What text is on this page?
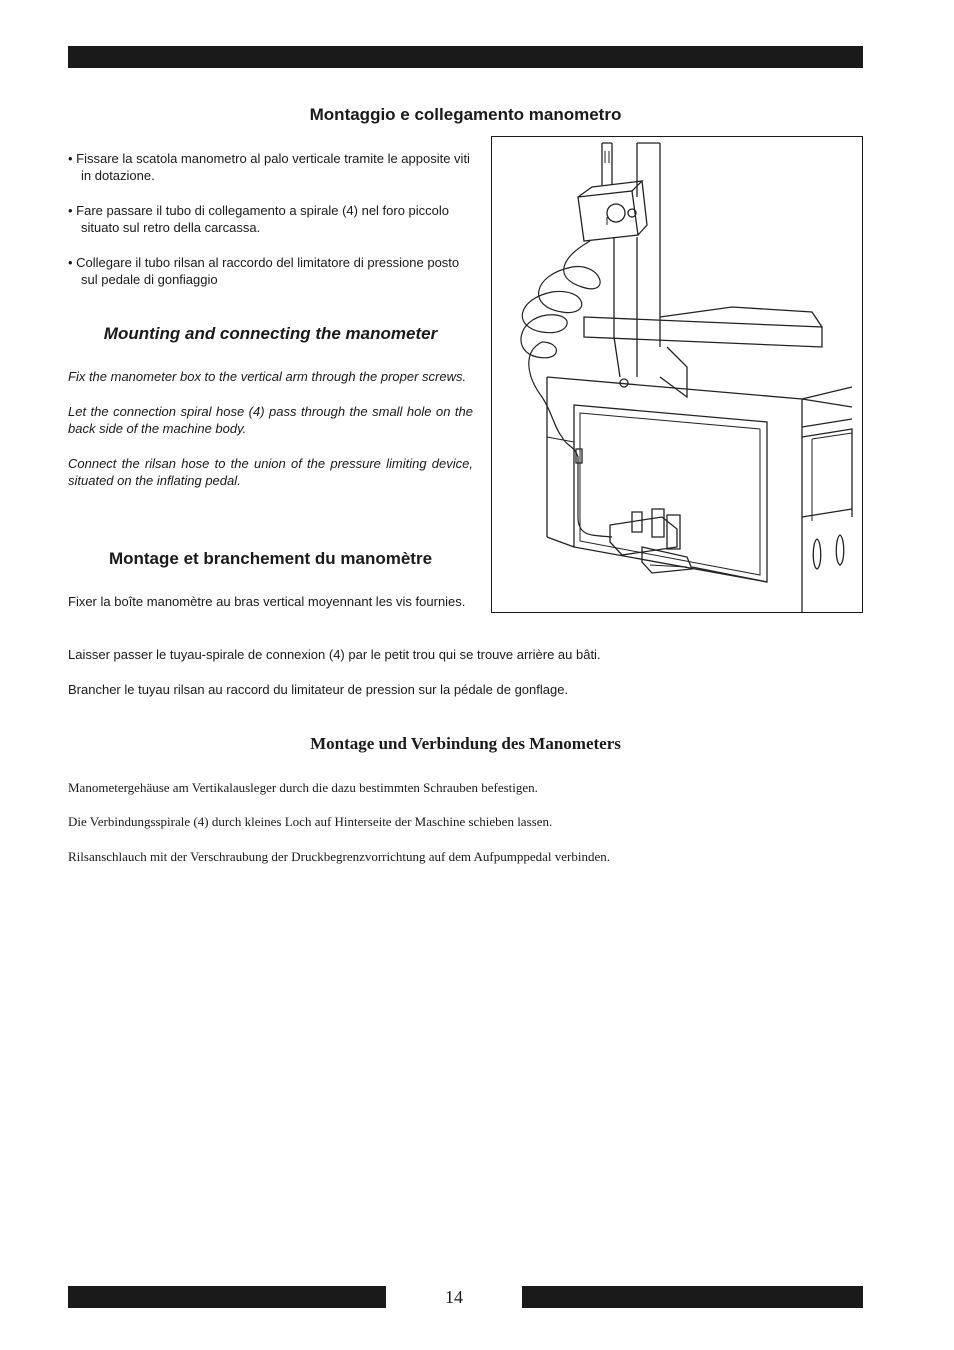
Montaggio e collegamento manometro

• Fissare la scatola manometro al palo verticale tramite le apposite viti in dotazione.

• Fare passare il tubo di collegamento a spirale (4) nel foro piccolo situato sul retro della carcassa.

• Collegare il tubo rilsan al raccordo del limitatore di pressione posto sul pedale di gonfiaggio

Mounting and connecting the manometer

Fix the manometer box to the vertical arm through the proper screws.

Let the connection spiral hose (4) pass through the small hole on the back side of the machine body.

Connect the rilsan hose to the union of the pressure limiting device, situated on the inflating pedal.

Montage et branchement du manomètre

Fixer la boîte manomètre au bras vertical moyennant les vis fournies.

Laisser passer le tuyau-spirale de connexion (4) par le petit trou qui se trouve arrière au bâti.
Brancher le tuyau rilsan au raccord du limitateur de pression sur la pédale de gonflage.
Montage und Verbindung des Manometers
Manometergehäuse am Vertikalausleger durch die dazu bestimmten Schrauben befestigen.
Die Verbindungsspirale (4) durch kleines Loch auf Hinterseite der Maschine schieben lassen.
Rilsanschlauch mit der Verschraubung der Druckbegrenzvorrichtung auf dem Aufpumppedal verbinden.
14
